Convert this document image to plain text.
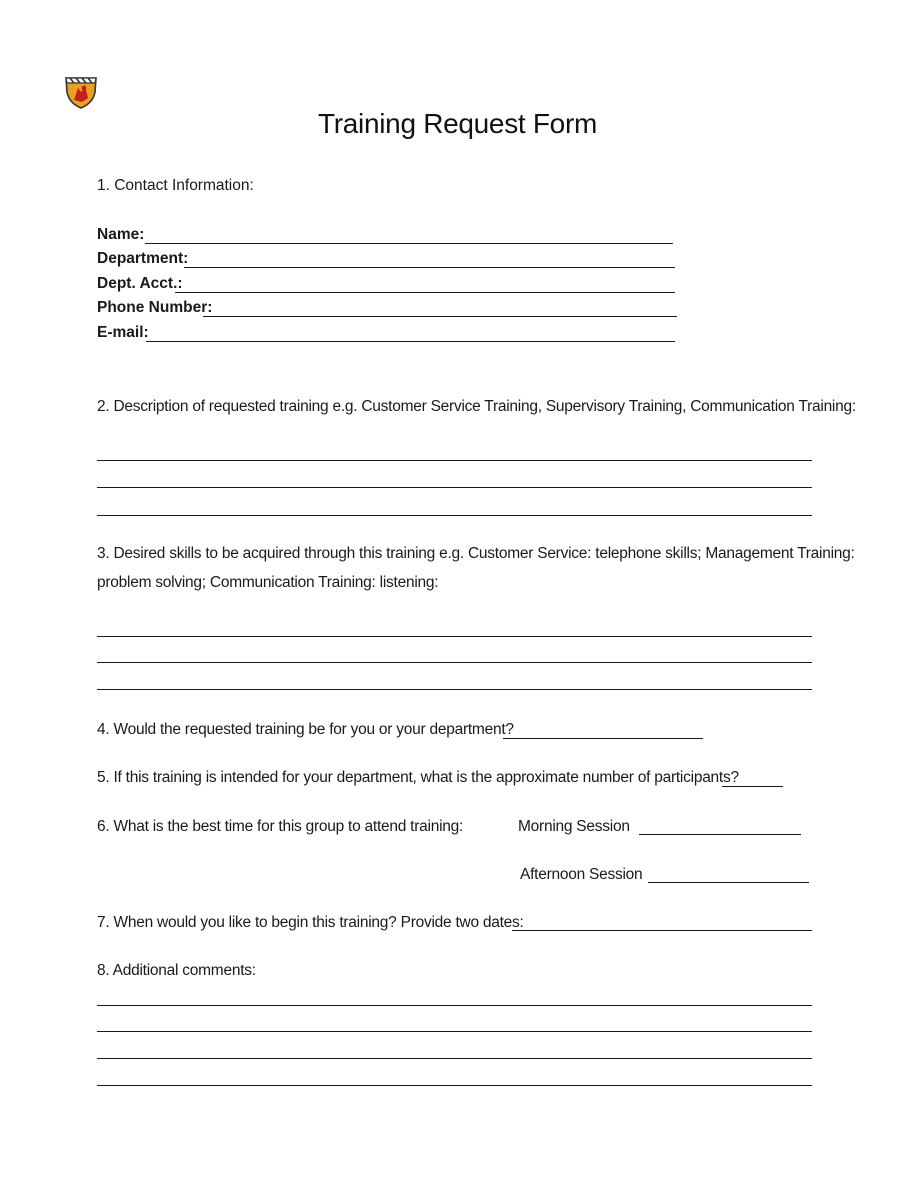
Training Request Form
1. Contact Information:
Name:
Department:
Dept. Acct.:
Phone Number:
E-mail:
2. Description of requested training e.g. Customer Service Training, Supervisory Training, Communication Training:
3. Desired skills to be acquired through this training e.g. Customer Service: telephone skills; Management Training:
problem solving; Communication Training: listening:
4. Would the requested training be for you or your department?
5. If this training is intended for your department, what is the approximate number of participants?
6. What is the best time for this group to attend training:	Morning Session
Afternoon Session
7. When would you like to begin this training? Provide two dates:
8. Additional comments:
